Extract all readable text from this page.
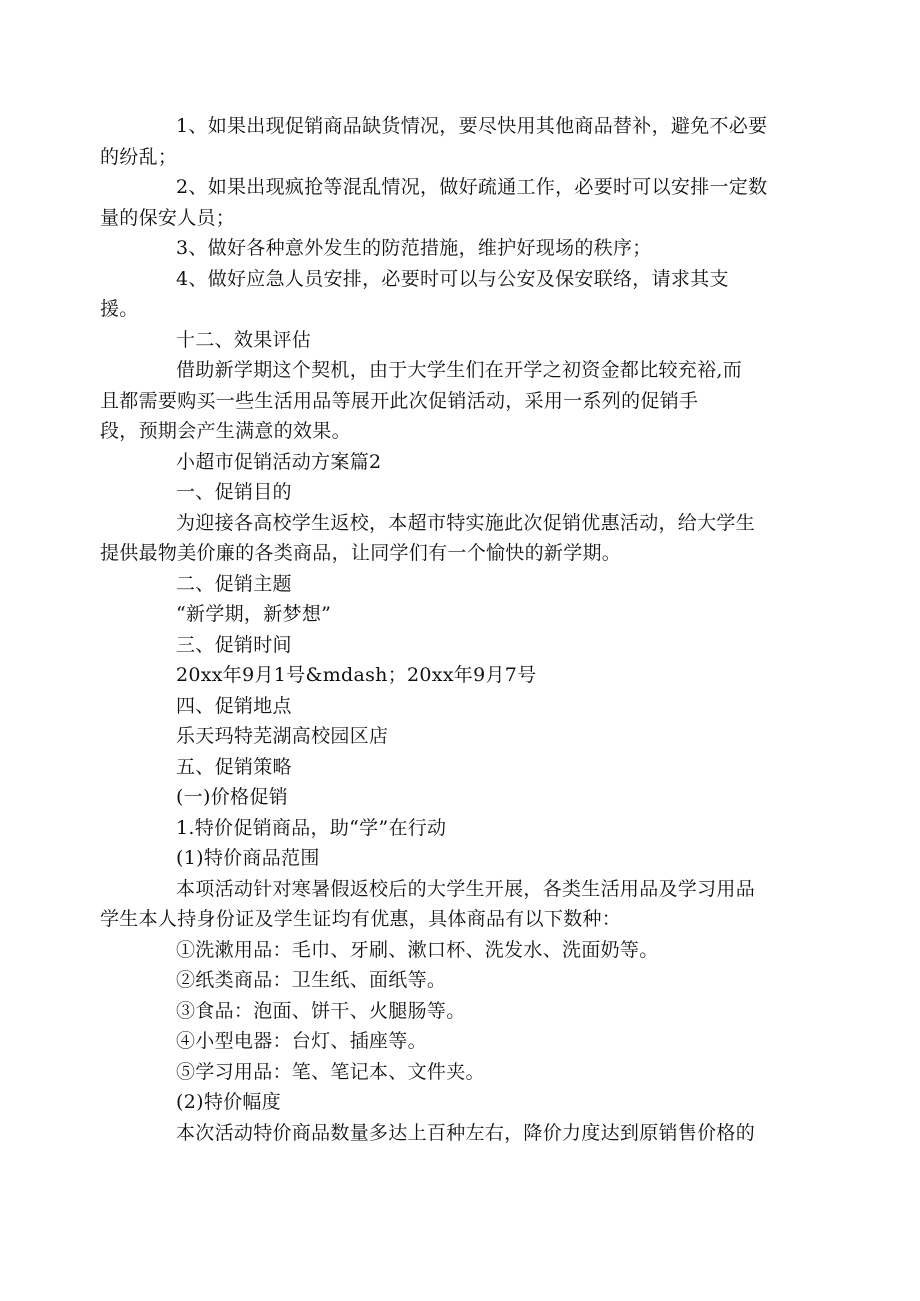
1、如果出现促销商品缺货情况，要尽快用其他商品替补，避免不必要
的纷乱；

2、如果出现疯抢等混乱情况，做好疏通工作，必要时可以安排一定数
量的保安人员；

3、做好各种意外发生的防范措施，维护好现场的秩序；

4、做好应急人员安排，必要时可以与公安及保安联络，请求其支
援。

十二、效果评估

借助新学期这个契机，由于大学生们在开学之初资金都比较充裕,而
且都需要购买一些生活用品等展开此次促销活动，采用一系列的促销手
段，预期会产生满意的效果。

小超市促销活动方案篇2

一、促销目的

为迎接各高校学生返校，本超市特实施此次促销优惠活动，给大学生
提供最物美价廉的各类商品，让同学们有一个愉快的新学期。

二、促销主题

“新学期，新梦想”

三、促销时间

20xx年9月1号&mdash；20xx年9月7号

四、促销地点

乐天玛特芜湖高校园区店

五、促销策略

(一)价格促销

1.特价促销商品，助“学”在行动

(1)特价商品范围

本项活动针对寒暑假返校后的大学生开展，各类生活用品及学习用品
学生本人持身份证及学生证均有优惠，具体商品有以下数种：

①洗漱用品：毛巾、牙刷、漱口杯、洗发水、洗面奶等。

②纸类商品：卫生纸、面纸等。

③食品：泡面、饼干、火腿肠等。

④小型电器：台灯、插座等。

⑤学习用品：笔、笔记本、文件夹。

(2)特价幅度

本次活动特价商品数量多达上百种左右，降价力度达到原销售价格的
